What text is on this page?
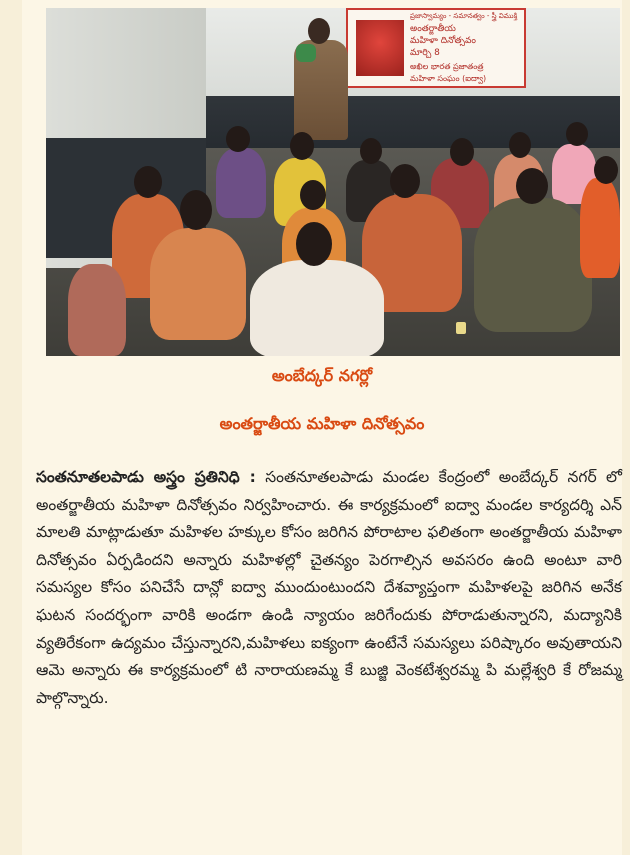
ప్రజాస్వామ్యం - సమానత్వం - స్త్రీ విముక్తి
అంతర్జాతీయ
మహిళా దినోత్సవం
మార్చి 8
అఖిల భారత ప్రజాతంత్ర
మహిళా సంఘం (ఐద్వా)
అంబేద్కర్ నగర్లో
అంతర్జాతీయ మహిళా దినోత్సవం

సంతనూతలపాడు అస్త్రం ప్రతినిధి : సంతనూతలపాడు మండల కేంద్రంలో అంబేద్కర్ నగర్ లో అంతర్జాతీయ మహిళా దినోత్సవం నిర్వహించారు. ఈ కార్యక్రమంలో ఐద్వా మండల కార్యదర్శి ఎన్ మాలతి మాట్లాడుతూ మహిళల హక్కుల కోసం జరిగిన పోరాటాల ఫలితంగా అంతర్జాతీయ మహిళా దినోత్సవం ఏర్పడిందని అన్నారు మహిళల్లో చైతన్యం పెరగాల్సిన అవసరం ఉంది అంటూ వారి సమస్యల కోసం పనిచేసే దాన్లో ఐద్వా ముందుంటుందని దేశవ్యాప్తంగా మహిళలపై జరిగిన అనేక ఘటన సందర్భంగా వారికి అండగా ఉండి న్యాయం జరిగేందుకు పోరాడుతున్నారని, మద్యానికి వ్యతిరేకంగా ఉద్యమం చేస్తున్నారని,మహిళలు ఐక్యంగా ఉంటేనే సమస్యలు పరిష్కారం అవుతాయని ఆమె అన్నారు ఈ కార్యక్రమంలో టి నారాయణమ్మ కే బుజ్జి వెంకటేశ్వరమ్మ పి మల్లేశ్వరి కే రోజమ్మ పాల్గొన్నారు.
